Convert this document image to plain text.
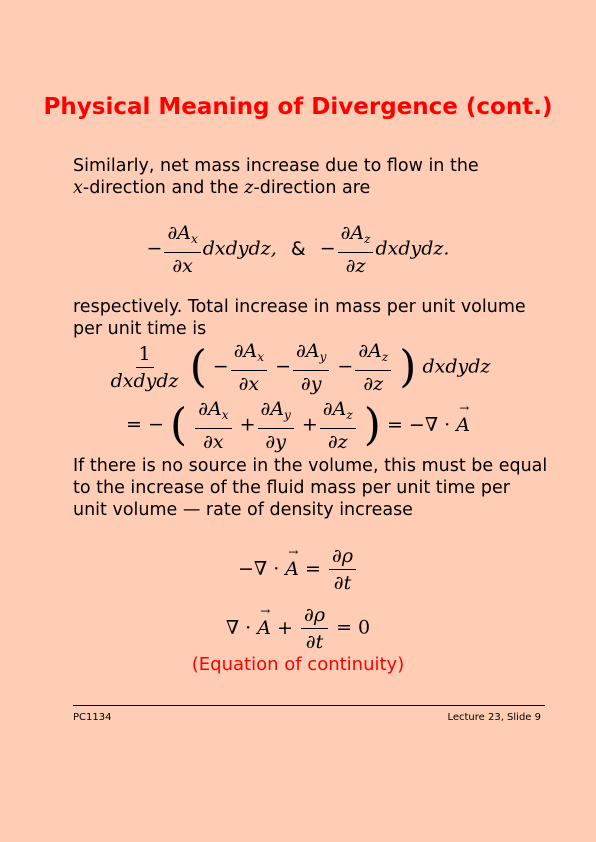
Physical Meaning of Divergence (cont.)
Similarly, net mass increase due to flow in the
x-direction and the z-direction are
− $\frac{\partial A_x}{\partial x}$ dxdydz, & − $\frac{\partial A_z}{\partial z}$ dxdydz.
respectively. Total increase in mass per unit volume
per unit time is
$\frac{1}{\text{dxdydz}}$ ( − $\frac{\partial A_x}{\partial x} - \frac{\partial A_y}{\partial y} - \frac{\partial A_z}{\partial z}$ ) dxdydz
= − ( $\frac{\partial A_x}{\partial x} + \frac{\partial A_y}{\partial y} + \frac{\partial A_z}{\partial z}$ ) = −∇ · → A
If there is no source in the volume, this must be equal
to the increase of the fluid mass per unit time per
unit volume — rate of density increase
−∇ · → $A = \frac{\partial\rho}{\partial t}$
∇ · → $A + \frac{\partial\rho}{\partial t} = 0$
(Equation of continuity)
PC1134	Lecture 23, Slide 9
